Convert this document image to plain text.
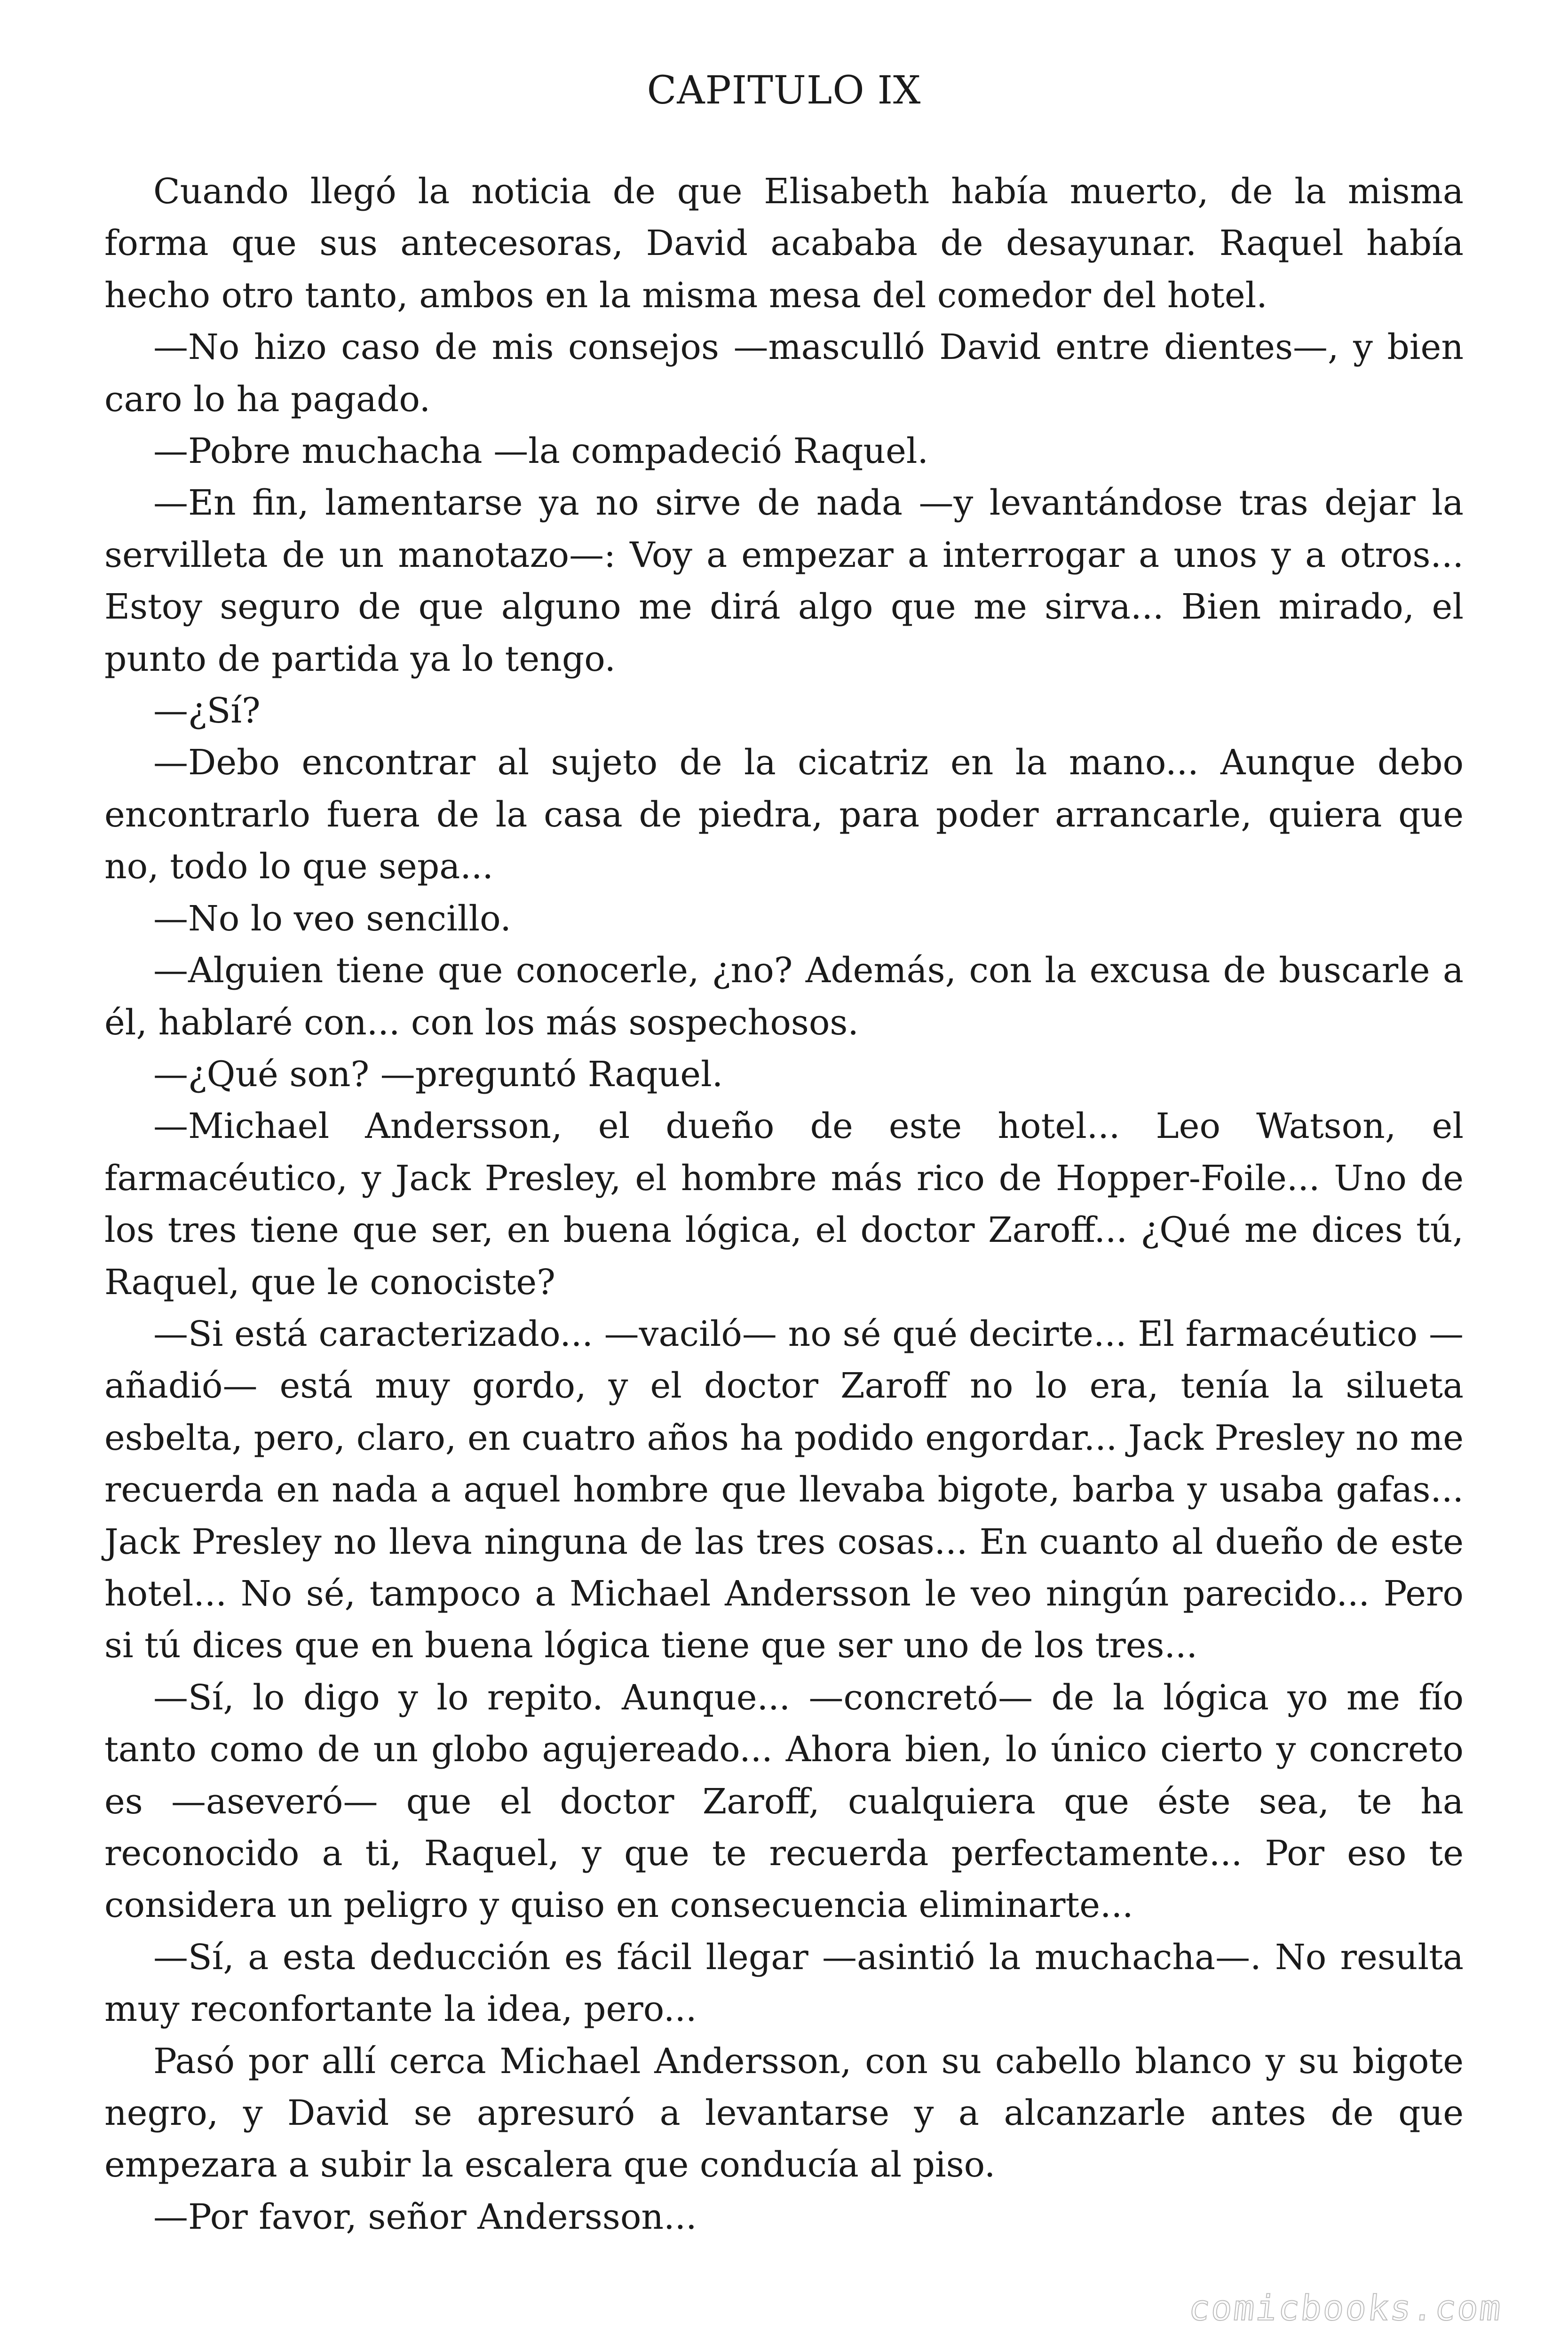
CAPITULO IX

Cuando llegó la noticia de que Elisabeth había muerto, de la misma forma que sus antecesoras, David acababa de desayunar. Raquel había hecho otro tanto, ambos en la misma mesa del comedor del hotel.

—No hizo caso de mis consejos —masculló David entre dientes—, y bien caro lo ha pagado.

—Pobre muchacha —la compadeció Raquel.

—En fin, lamentarse ya no sirve de nada —y levantándose tras dejar la servilleta de un manotazo—: Voy a empezar a interrogar a unos y a otros... Estoy seguro de que alguno me dirá algo que me sirva... Bien mirado, el punto de partida ya lo tengo.

—¿Sí?

—Debo encontrar al sujeto de la cicatriz en la mano... Aunque debo encontrarlo fuera de la casa de piedra, para poder arrancarle, quiera que no, todo lo que sepa...

—No lo veo sencillo.

—Alguien tiene que conocerle, ¿no? Además, con la excusa de buscarle a él, hablaré con... con los más sospechosos.

—¿Qué son? —preguntó Raquel.

—Michael Andersson, el dueño de este hotel... Leo Watson, el farmacéutico, y Jack Presley, el hombre más rico de Hopper-Foile... Uno de los tres tiene que ser, en buena lógica, el doctor Zaroff... ¿Qué me dices tú, Raquel, que le conociste?

—Si está caracterizado... —vaciló— no sé qué decirte... El farmacéutico —añadió— está muy gordo, y el doctor Zaroff no lo era, tenía la silueta esbelta, pero, claro, en cuatro años ha podido engordar... Jack Presley no me recuerda en nada a aquel hombre que llevaba bigote, barba y usaba gafas... Jack Presley no lleva ninguna de las tres cosas... En cuanto al dueño de este hotel... No sé, tampoco a Michael Andersson le veo ningún parecido... Pero si tú dices que en buena lógica tiene que ser uno de los tres...

—Sí, lo digo y lo repito. Aunque... —concretó— de la lógica yo me fío tanto como de un globo agujereado... Ahora bien, lo único cierto y concreto es —aseveró— que el doctor Zaroff, cualquiera que éste sea, te ha reconocido a ti, Raquel, y que te recuerda perfectamente... Por eso te considera un peligro y quiso en consecuencia eliminarte...

—Sí, a esta deducción es fácil llegar —asintió la muchacha—. No resulta muy reconfortante la idea, pero...

Pasó por allí cerca Michael Andersson, con su cabello blanco y su bigote negro, y David se apresuró a levantarse y a alcanzarle antes de que empezara a subir la escalera que conducía al piso.

—Por favor, señor Andersson...

comicbooks.com
